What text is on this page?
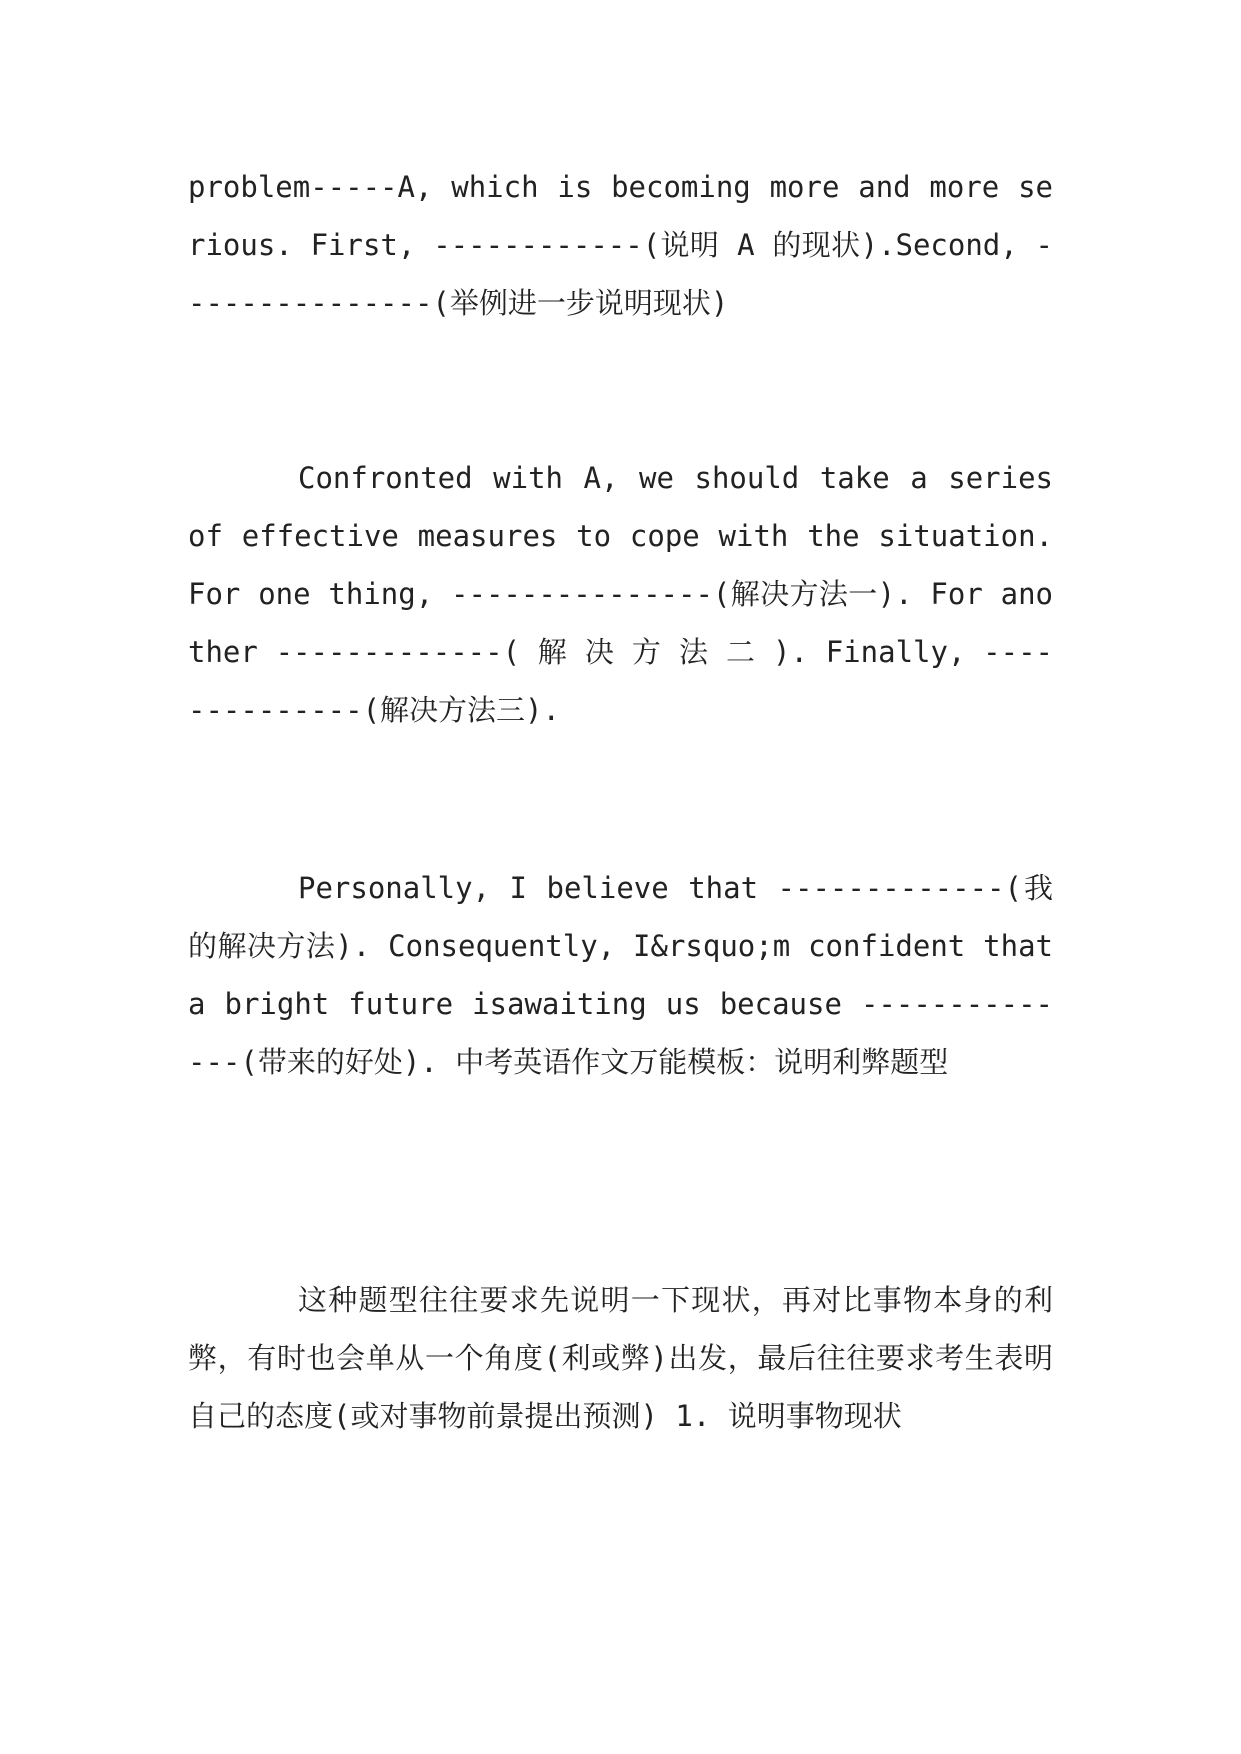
problem-----A, which is becoming more and more serious. First, ------------(说明 A 的现状).Second, ---------------(举例进一步说明现状)

Confronted with A, we should take a series of effective measures to cope with the situation. For one thing, ---------------(解决方法一). For another -------------( 解 决 方 法 二 ). Finally, --------------(解决方法三).

Personally, I believe that -------------(我的解决方法). Consequently, I&rsquo;m confident that a bright future isawaiting us because --------------(带来的好处). 中考英语作文万能模板：说明利弊题型

这种题型往往要求先说明一下现状，再对比事物本身的利弊，有时也会单从一个角度(利或弊)出发，最后往往要求考生表明自己的态度(或对事物前景提出预测) 1. 说明事物现状
